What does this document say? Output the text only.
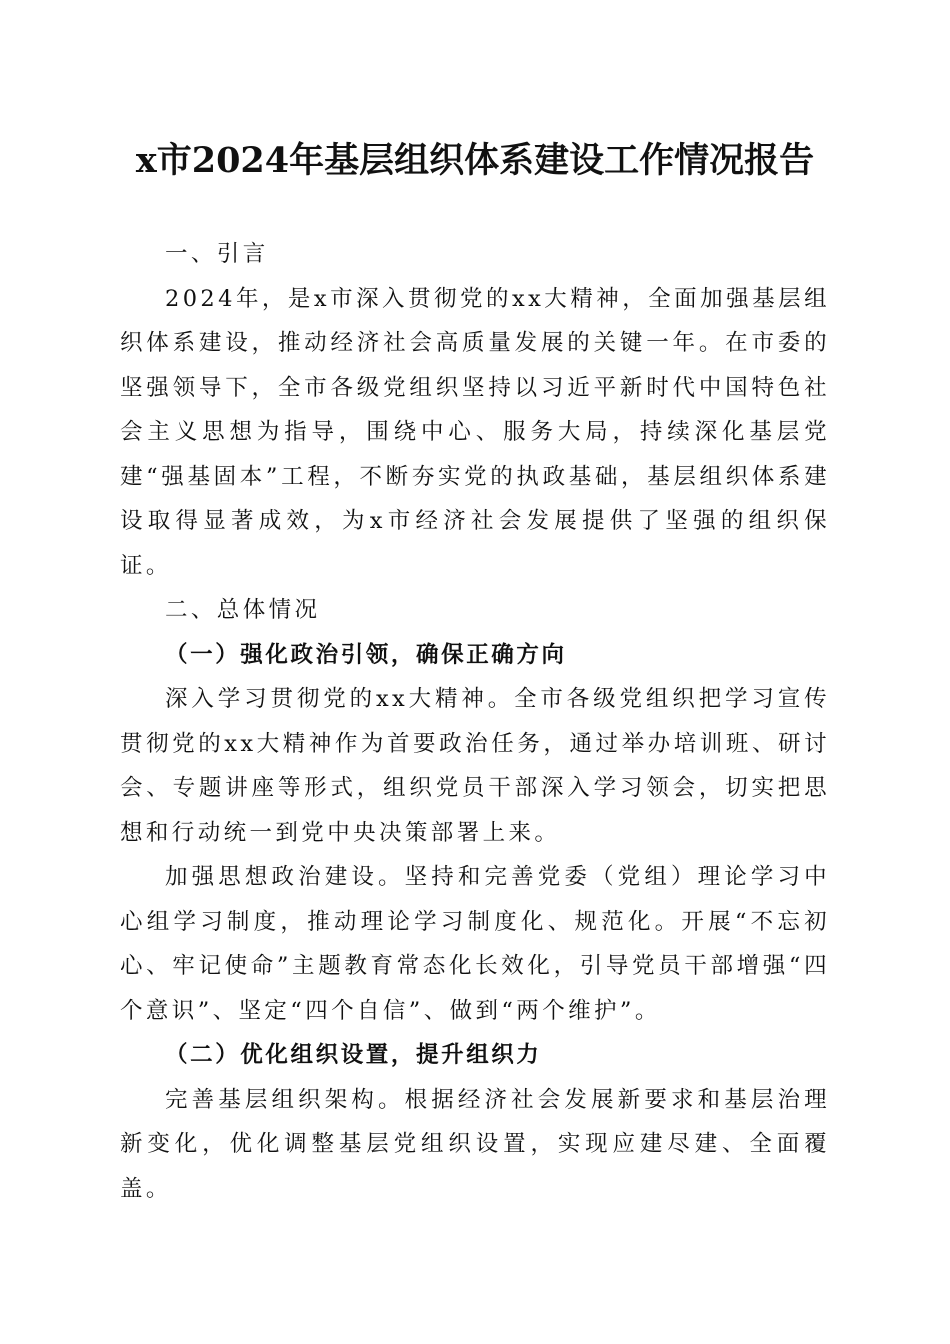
x市2024年基层组织体系建设工作情况报告

一、引言

2024年，是x市深入贯彻党的xx大精神，全面加强基层组织体系建设，推动经济社会高质量发展的关键一年。在市委的坚强领导下，全市各级党组织坚持以习近平新时代中国特色社会主义思想为指导，围绕中心、服务大局，持续深化基层党建“强基固本”工程，不断夯实党的执政基础，基层组织体系建设取得显著成效，为x市经济社会发展提供了坚强的组织保证。

二、总体情况

（一）强化政治引领，确保正确方向

深入学习贯彻党的xx大精神。全市各级党组织把学习宣传贯彻党的xx大精神作为首要政治任务，通过举办培训班、研讨会、专题讲座等形式，组织党员干部深入学习领会，切实把思想和行动统一到党中央决策部署上来。

加强思想政治建设。坚持和完善党委（党组）理论学习中心组学习制度，推动理论学习制度化、规范化。开展“不忘初心、牢记使命”主题教育常态化长效化，引导党员干部增强“四个意识”、坚定“四个自信”、做到“两个维护”。

（二）优化组织设置，提升组织力

完善基层组织架构。根据经济社会发展新要求和基层治理新变化，优化调整基层党组织设置，实现应建尽建、全面覆盖。
